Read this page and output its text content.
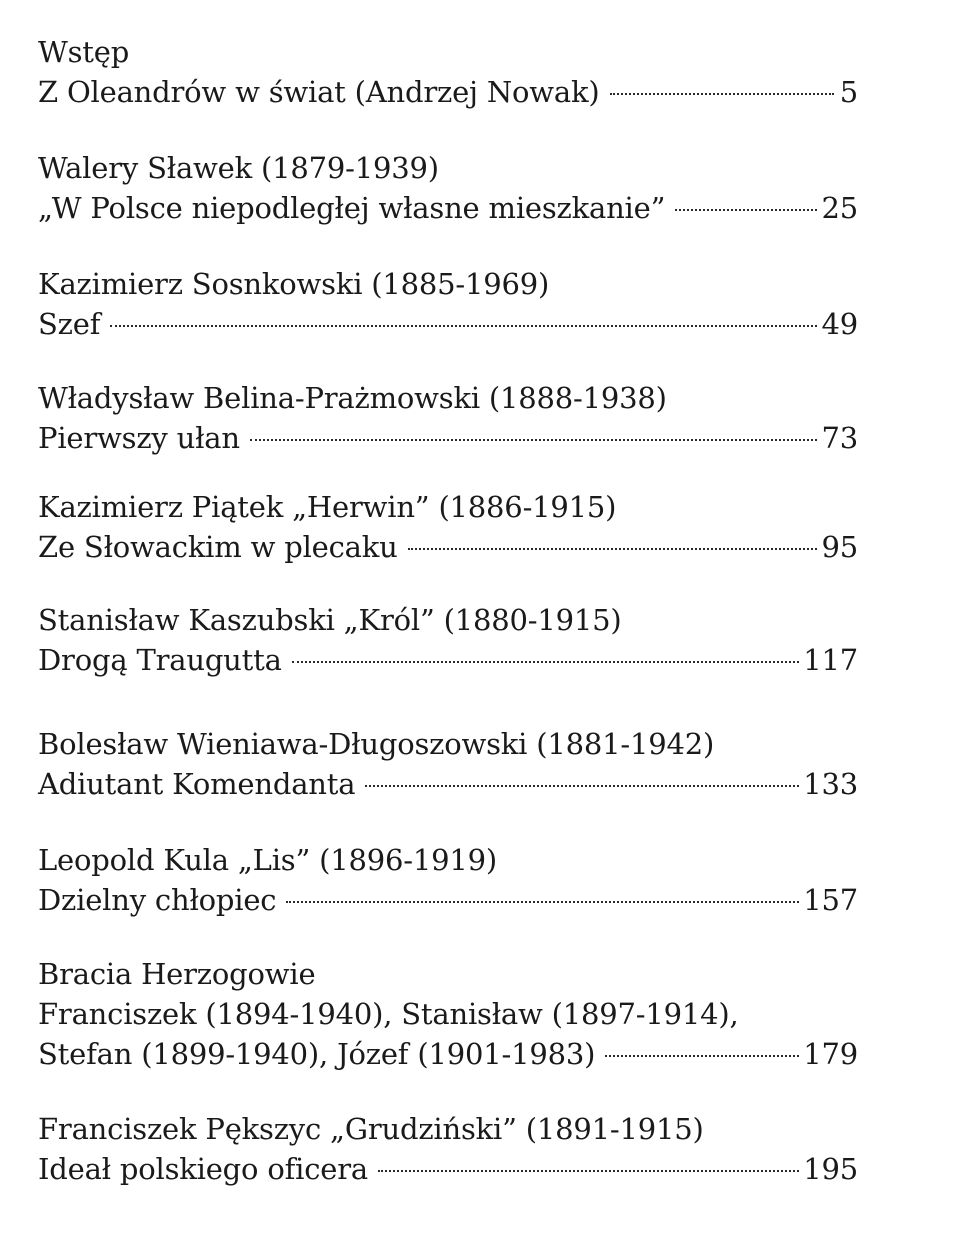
Wstęp
Z Oleandrów w świat (Andrzej Nowak)	5
Walery Sławek (1879-1939)
„W Polsce niepodległej własne mieszkanie”	25
Kazimierz Sosnkowski (1885-1969)
Szef	49
Władysław Belina-Prażmowski (1888-1938)
Pierwszy ułan	73
Kazimierz Piątek „Herwin” (1886-1915)
Ze Słowackim w plecaku	95
Stanisław Kaszubski „Król” (1880-1915)
Drogą Traugutta	117
Bolesław Wieniawa-Długoszowski (1881-1942)
Adiutant Komendanta	133
Leopold Kula „Lis” (1896-1919)
Dzielny chłopiec	157
Bracia Herzogowie
Franciszek (1894-1940), Stanisław (1897-1914),
Stefan (1899-1940), Józef (1901-1983)	179
Franciszek Pększyc „Grudziński” (1891-1915)
Ideał polskiego oficera	195
